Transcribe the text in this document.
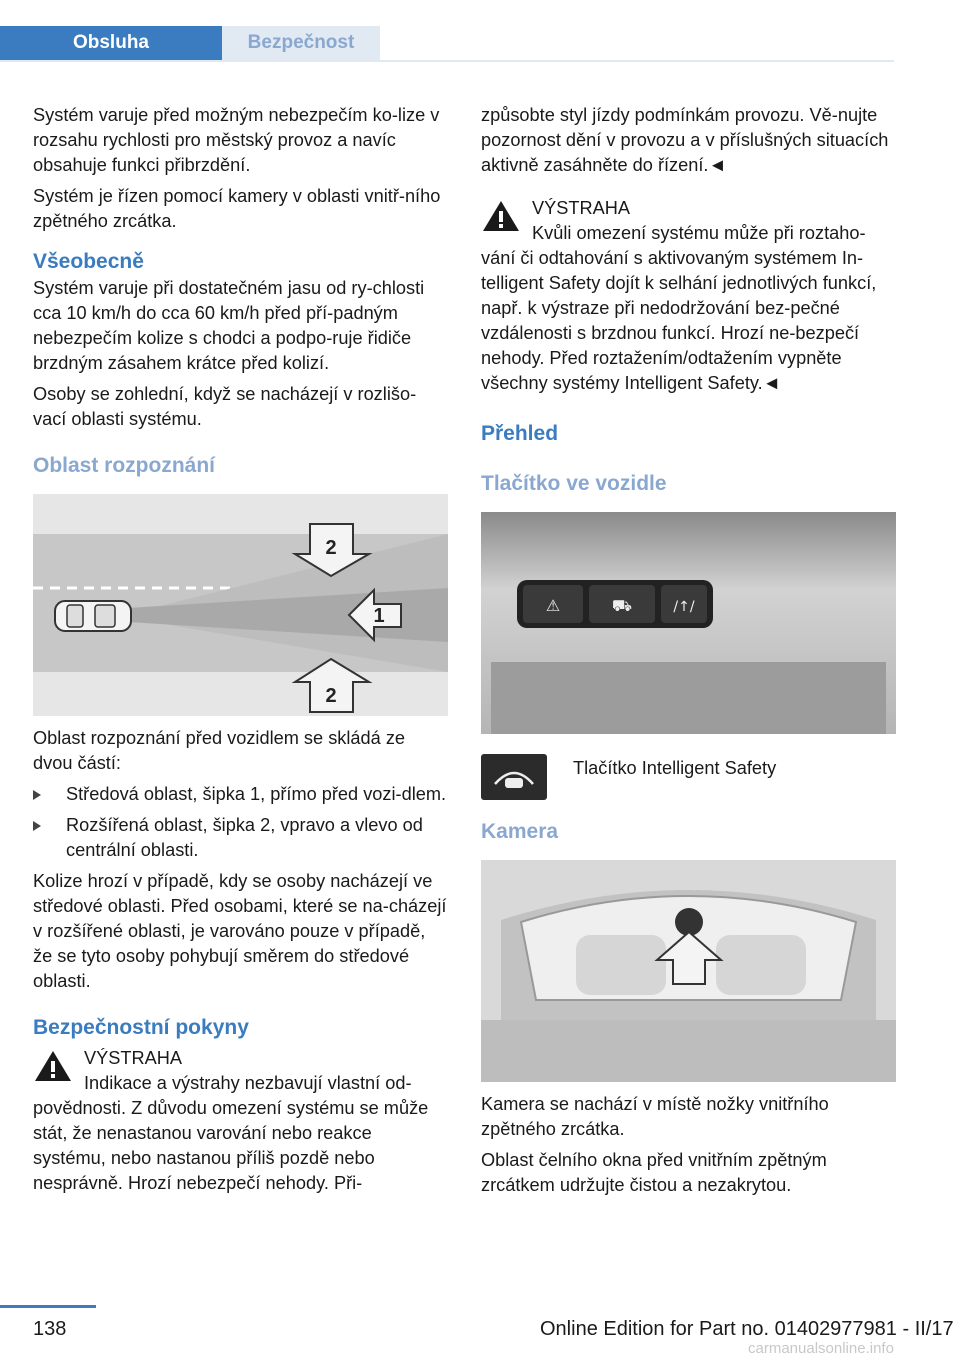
Obsluha	Bezpečnost

Systém varuje před možným nebezpečím ko-lize v rozsahu rychlosti pro městský provoz a navíc obsahuje funkci přibrzdění.

Systém je řízen pomocí kamery v oblasti vnitř-ního zpětného zrcátka.

Všeobecně

Systém varuje při dostatečném jasu od ry-chlosti cca 10 km/h do cca 60 km/h před pří-padným nebezpečím kolize s chodci a podpo-ruje řidiče brzdným zásahem krátce před kolizí.

Osoby se zohlední, když se nacházejí v rozlišo-vací oblasti systému.

Oblast rozpoznání
2
1
2

Oblast rozpoznání před vozidlem se skládá ze dvou částí:

Středová oblast, šipka 1, přímo před vozi-dlem.
Rozšířená oblast, šipka 2, vpravo a vlevo od centrální oblasti.

Kolize hrozí v případě, kdy se osoby nacházejí ve středové oblasti. Před osobami, které se na-cházejí v rozšířené oblasti, je varováno pouze v případě, že se tyto osoby pohybují směrem do středové oblasti.

Bezpečnostní pokyny
VÝSTRAHA
Indikace a výstrahy nezbavují vlastní od-povědnosti. Z důvodu omezení systému se může stát, že nenastanou varování nebo reakce systému, nebo nastanou příliš pozdě nebo nesprávně. Hrozí nebezpečí nehody. Při-

způsobte styl jízdy podmínkám provozu. Vě-nujte pozornost dění v provozu a v příslušných situacích aktivně zasáhněte do řízení.◄

VÝSTRAHA
Kvůli omezení systému může při roztaho-vání či odtahování s aktivovaným systémem In-telligent Safety dojít k selhání jednotlivých funkcí, např. k výstraze při nedodržování bez-pečné vzdálenosti s brzdnou funkcí. Hrozí ne-bezpečí nehody. Před roztažením/odtažením vypněte všechny systémy Intelligent Safety.◄
Přehled
Tlačítko ve vozidle
⚠	⛟	/↑/
Tlačítko Intelligent Safety
Kamera

Kamera se nachází v místě nožky vnitřního zpětného zrcátka.

Oblast čelního okna před vnitřním zpětným zrcátkem udržujte čistou a nezakrytou.

138	Online Edition for Part no. 01402977981 - II/17
carmanualsonline.info
